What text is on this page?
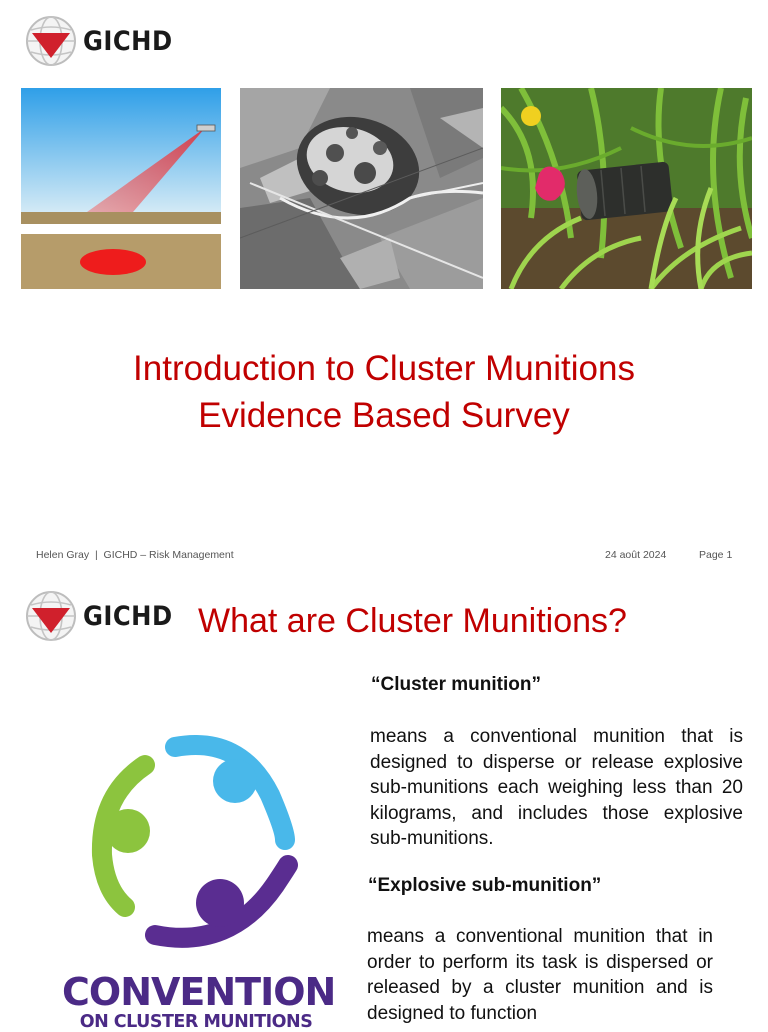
GICHD
Introduction to Cluster Munitions
Evidence Based Survey
Helen Gray | GICHD – Risk Management	24 août 2024	Page 1
GICHD What are Cluster Munitions?
CONVENTION
ON CLUSTER MUNITIONS
“Cluster munition”
means a conventional munition that is designed to disperse or release explosive sub-munitions each weighing less than 20 kilograms, and includes those explosive sub-munitions.
“Explosive sub-munition”
means a conventional munition that in order to perform its task is dispersed or released by a cluster munition and is designed to function
